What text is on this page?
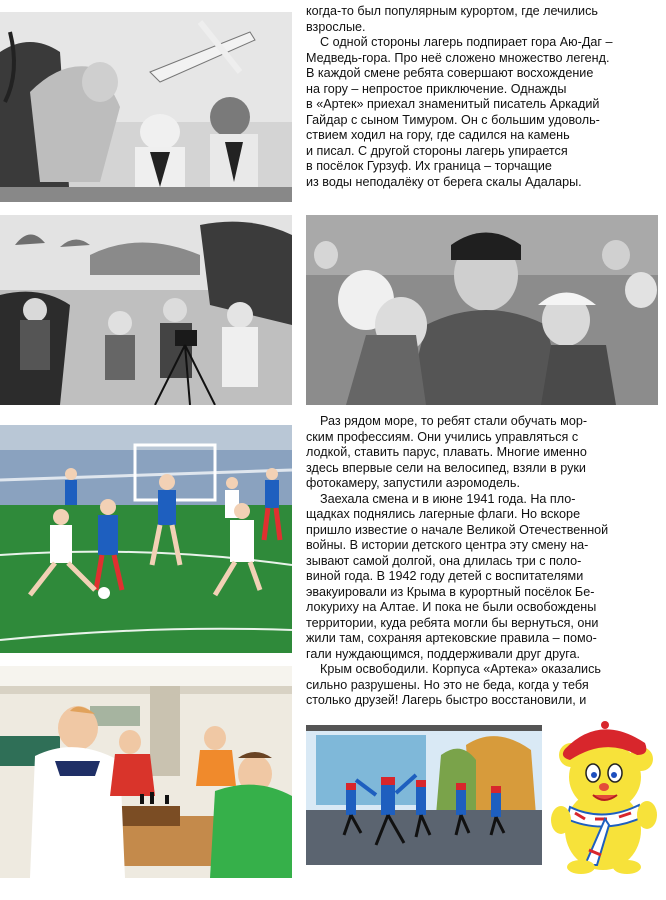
когда-то был популярным курортом, где лечились
взрослые.

С одной стороны лагерь подпирает гора Аю-Даг –
Медведь-гора. Про неё сложено множество легенд.
В каждой смене ребята совершают восхождение
на гору – непростое приключение. Однажды
в «Артек» приехал знаменитый писатель Аркадий
Гайдар с сыном Тимуром. Он с большим удоволь-
ствием ходил на гору, где садился на камень
и писал. С другой стороны лагерь упирается
в посёлок Гурзуф. Их граница – торчащие
из воды неподалёку от берега скалы Адалары.

Раз рядом море, то ребят стали обучать мор-
ским профессиям. Они учились управляться с
лодкой, ставить парус, плавать. Многие именно
здесь впервые сели на велосипед, взяли в руки
фотокамеру, запустили аэромодель.

Заехала смена и в июне 1941 года. На пло-
щадках поднялись лагерные флаги. Но вскоре
пришло известие о начале Великой Отечественной
войны. В истории детского центра эту смену на-
зывают самой долгой, она длилась три с поло-
виной года. В 1942 году детей с воспитателями
эвакуировали из Крыма в курортный посёлок Бе-
локуриху на Алтае. И пока не были освобождены
территории, куда ребята могли бы вернуться, они
жили там, сохраняя артековские правила – помо-
гали нуждающимся, поддерживали друг друга.

Крым освободили. Корпуса «Артека» оказались
сильно разрушены. Но это не беда, когда у тебя
столько друзей! Лагерь быстро восстановили, и
